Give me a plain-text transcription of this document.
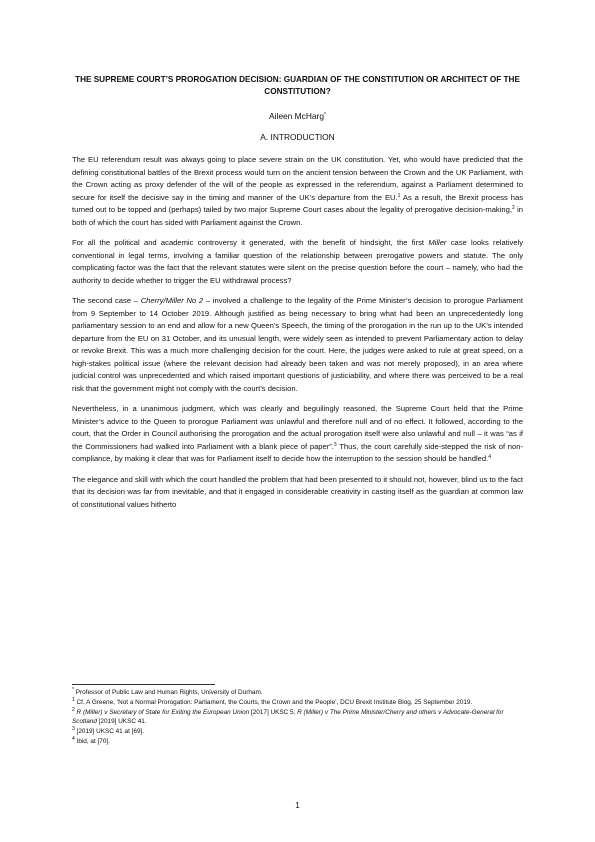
THE SUPREME COURT’S PROROGATION DECISION: GUARDIAN OF THE CONSTITUTION OR ARCHITECT OF THE CONSTITUTION?
Aileen McHarg*
A. INTRODUCTION

The EU referendum result was always going to place severe strain on the UK constitution. Yet, who would have predicted that the defining constitutional battles of the Brexit process would turn on the ancient tension between the Crown and the UK Parliament, with the Crown acting as proxy defender of the will of the people as expressed in the referendum, against a Parliament determined to secure for itself the decisive say in the timing and manner of the UK’s departure from the EU.$^1$ As a result, the Brexit process has turned out to be topped and (perhaps) tailed by two major Supreme Court cases about the legality of prerogative decision-making,$^2$ in both of which the court has sided with Parliament against the Crown.

For all the political and academic controversy it generated, with the benefit of hindsight, the first Miller case looks relatively conventional in legal terms, involving a familiar question of the relationship between prerogative powers and statute. The only complicating factor was the fact that the relevant statutes were silent on the precise question before the court – namely, who had the authority to decide whether to trigger the EU withdrawal process?

The second case – Cherry/Miller No 2 – involved a challenge to the legality of the Prime Minister’s decision to prorogue Parliament from 9 September to 14 October 2019. Although justified as being necessary to bring what had been an unprecedentedly long parliamentary session to an end and allow for a new Queen’s Speech, the timing of the prorogation in the run up to the UK’s intended departure from the EU on 31 October, and its unusual length, were widely seen as intended to prevent Parliamentary action to delay or revoke Brexit. This was a much more challenging decision for the court. Here, the judges were asked to rule at great speed, on a high-stakes political issue (where the relevant decision had already been taken and was not merely proposed), in an area where judicial control was unprecedented and which raised important questions of justiciability, and where there was perceived to be a real risk that the government might not comply with the court’s decision.

Nevertheless, in a unanimous judgment, which was clearly and beguilingly reasoned, the Supreme Court held that the Prime Minister’s advice to the Queen to prorogue Parliament was unlawful and therefore null and of no effect. It followed, according to the court, that the Order in Council authorising the prorogation and the actual prorogation itself were also unlawful and null – it was “as if the Commissioners had walked into Parliament with a blank piece of paper”.$^3$ Thus, the court carefully side-stepped the risk of non-compliance, by making it clear that was for Parliament itself to decide how the interruption to the session should be handled.$^4$

The elegance and skill with which the court handled the problem that had been presented to it should not, however, blind us to the fact that its decision was far from inevitable, and that it engaged in considerable creativity in casting itself as the guardian at common law of constitutional values hitherto

* Professor of Public Law and Human Rights, University of Durham.

$^1$ Cf. A Greene, ‘Not a Normal Prorogation: Parliament, the Courts, the Crown and the People’, DCU Brexit Institute Blog, 25 September 2019.

$^2$ R (Miller) v Secretary of State for Exiting the European Union [2017] UKSC 5; R (Miller) v The Prime Minister/Cherry and others v Advocate-General for Scotland [2019] UKSC 41.

$^3$ [2019] UKSC 41 at [69].

$^4$ Ibid, at [70].

1
